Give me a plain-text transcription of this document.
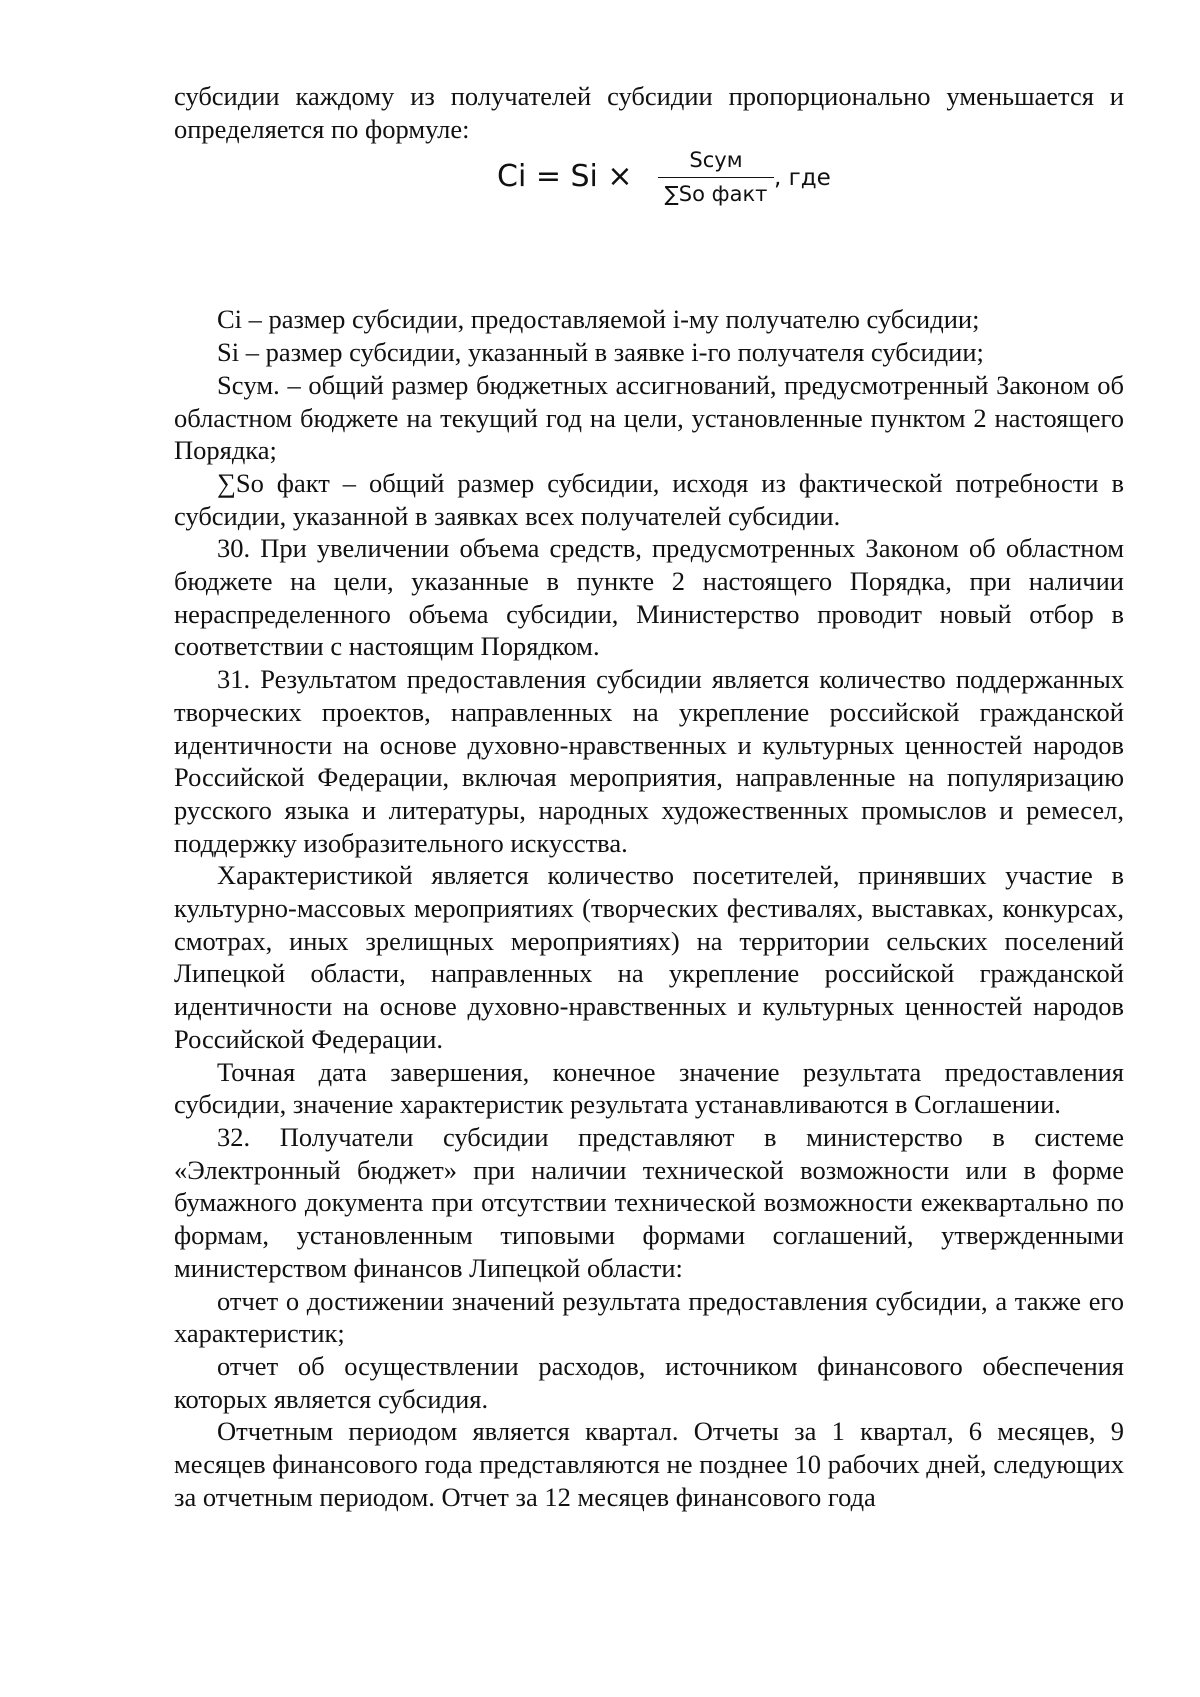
субсидии каждому из получателей субсидии пропорционально уменьшается и определяется по формуле:

Ci = Si ×	Scум
∑So факт
, где

Ci – размер субсидии, предоставляемой i-му получателю субсидии;

Si – размер субсидии, указанный в заявке i-го получателя субсидии;

Scум. – общий размер бюджетных ассигнований, предусмотренный Законом об областном бюджете на текущий год на цели, установленные пунктом 2 настоящего Порядка;

∑So факт – общий размер субсидии, исходя из фактической потребности в субсидии, указанной в заявках всех получателей субсидии.

30. При увеличении объема средств, предусмотренных Законом об областном бюджете на цели, указанные в пункте 2 настоящего Порядка, при наличии нераспределенного объема субсидии, Министерство проводит новый отбор в соответствии с настоящим Порядком.

31. Результатом предоставления субсидии является количество поддержанных творческих проектов, направленных на укрепление российской гражданской идентичности на основе духовно-нравственных и культурных ценностей народов Российской Федерации, включая мероприятия, направленные на популяризацию русского языка и литературы, народных художественных промыслов и ремесел, поддержку изобразительного искусства.

Характеристикой является количество посетителей, принявших участие в культурно-массовых мероприятиях (творческих фестивалях, выставках, конкурсах, смотрах, иных зрелищных мероприятиях) на территории сельских поселений Липецкой области, направленных на укрепление российской гражданской идентичности на основе духовно-нравственных и культурных ценностей народов Российской Федерации.

Точная дата завершения, конечное значение результата предоставления субсидии, значение характеристик результата устанавливаются в Соглашении.

32. Получатели субсидии представляют в министерство в системе «Электронный бюджет» при наличии технической возможности или в форме бумажного документа при отсутствии технической возможности ежеквартально по формам, установленным типовыми формами соглашений, утвержденными министерством финансов Липецкой области:

отчет о достижении значений результата предоставления субсидии, а также его характеристик;

отчет об осуществлении расходов, источником финансового обеспечения которых является субсидия.

Отчетным периодом является квартал. Отчеты за 1 квартал, 6 месяцев, 9 месяцев финансового года представляются не позднее 10 рабочих дней, следующих за отчетным периодом. Отчет за 12 месяцев финансового года
